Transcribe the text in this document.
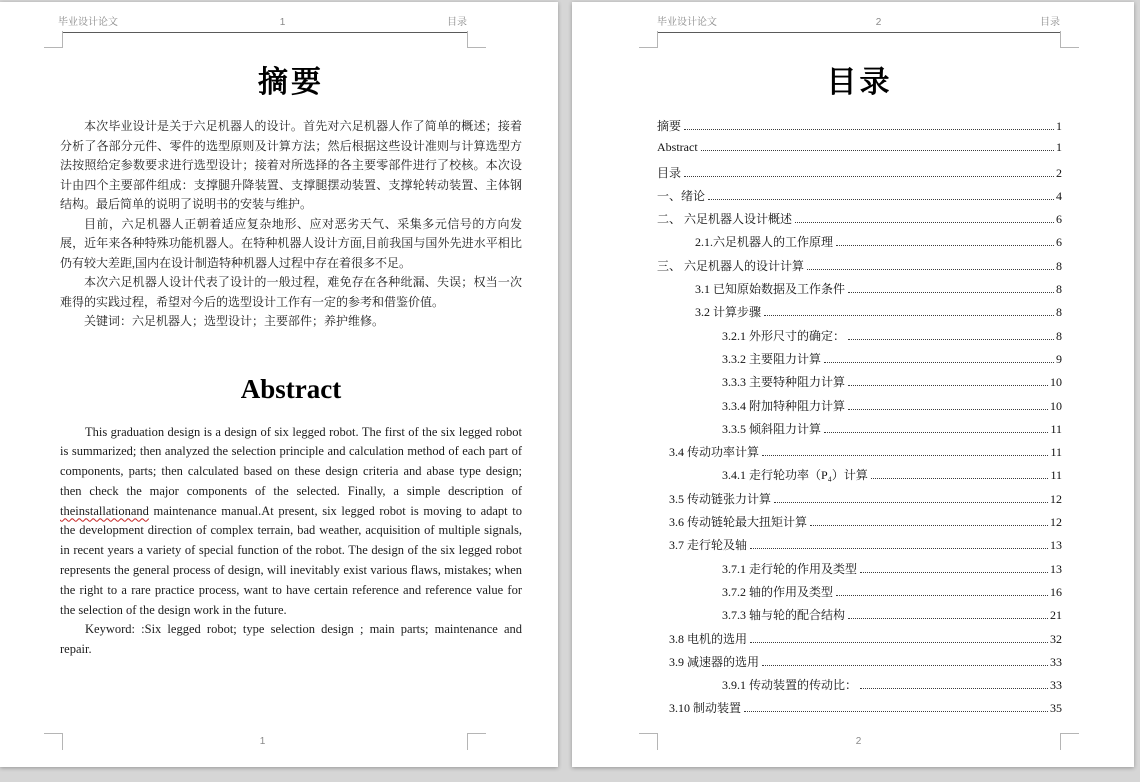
毕业设计论文	1	目录
摘要

本次毕业设计是关于六足机器人的设计。首先对六足机器人作了简单的概述；接着分析了各部分元件、零件的选型原则及计算方法；然后根据这些设计准则与计算选型方法按照给定参数要求进行选型设计；接着对所选择的各主要零部件进行了校核。本次设计由四个主要部件组成：支撑腿升降装置、支撑腿摆动装置、支撑轮转动装置、主体钢结构。最后简单的说明了说明书的安装与维护。

目前，六足机器人正朝着适应复杂地形、应对恶劣天气、采集多元信号的方向发展，近年来各种特殊功能机器人。在特种机器人设计方面,目前我国与国外先进水平相比仍有较大差距,国内在设计制造特种机器人过程中存在着很多不足。

本次六足机器人设计代表了设计的一般过程，难免存在各种纰漏、失误；权当一次难得的实践过程，希望对今后的选型设计工作有一定的参考和借鉴价值。

关键词：六足机器人；选型设计；主要部件；养护维修。

Abstract

This graduation design is a design of six legged robot. The first of the six legged robot is summarized; then analyzed the selection principle and calculation method of each part of components, parts; then calculated based on these design criteria and abase type design; then check the major components of the selected. Finally, a simple description of theinstallationand maintenance manual.At present, six legged robot is moving to adapt to the development direction of complex terrain, bad weather, acquisition of multiple signals, in recent years a variety of special function of the robot. The design of the six legged robot represents the general process of design, will inevitably exist various flaws, mistakes; when the right to a rare practice process, want to have certain reference and reference value for the selection of the design work in the future.

Keyword: :Six legged robot; type selection design ; main parts; maintenance and repair.

1
毕业设计论文	2	目录
目录
摘要	1
Abstract	1
目录	2
一、绪论	4
二、 六足机器人设计概述	6
2.1.六足机器人的工作原理	6
三、 六足机器人的设计计算	8
3.1 已知原始数据及工作条件	8
3.2 计算步骤	8
3.2.1 外形尺寸的确定：	8
3.3.2 主要阻力计算	9
3.3.3 主要特种阻力计算	10
3.3.4 附加特种阻力计算	10
3.3.5 倾斜阻力计算	11
3.4 传动功率计算	11
3.4.1 走行轮功率（P₄）计算	11
3.5 传动链张力计算	12
3.6 传动链轮最大扭矩计算	12
3.7 走行轮及轴	13
3.7.1 走行轮的作用及类型	13
3.7.2 轴的作用及类型	16
3.7.3 轴与轮的配合结构	21
3.8 电机的选用	32
3.9 减速器的选用	33
3.9.1 传动装置的传动比：	33
3.10 制动装置	35
2
